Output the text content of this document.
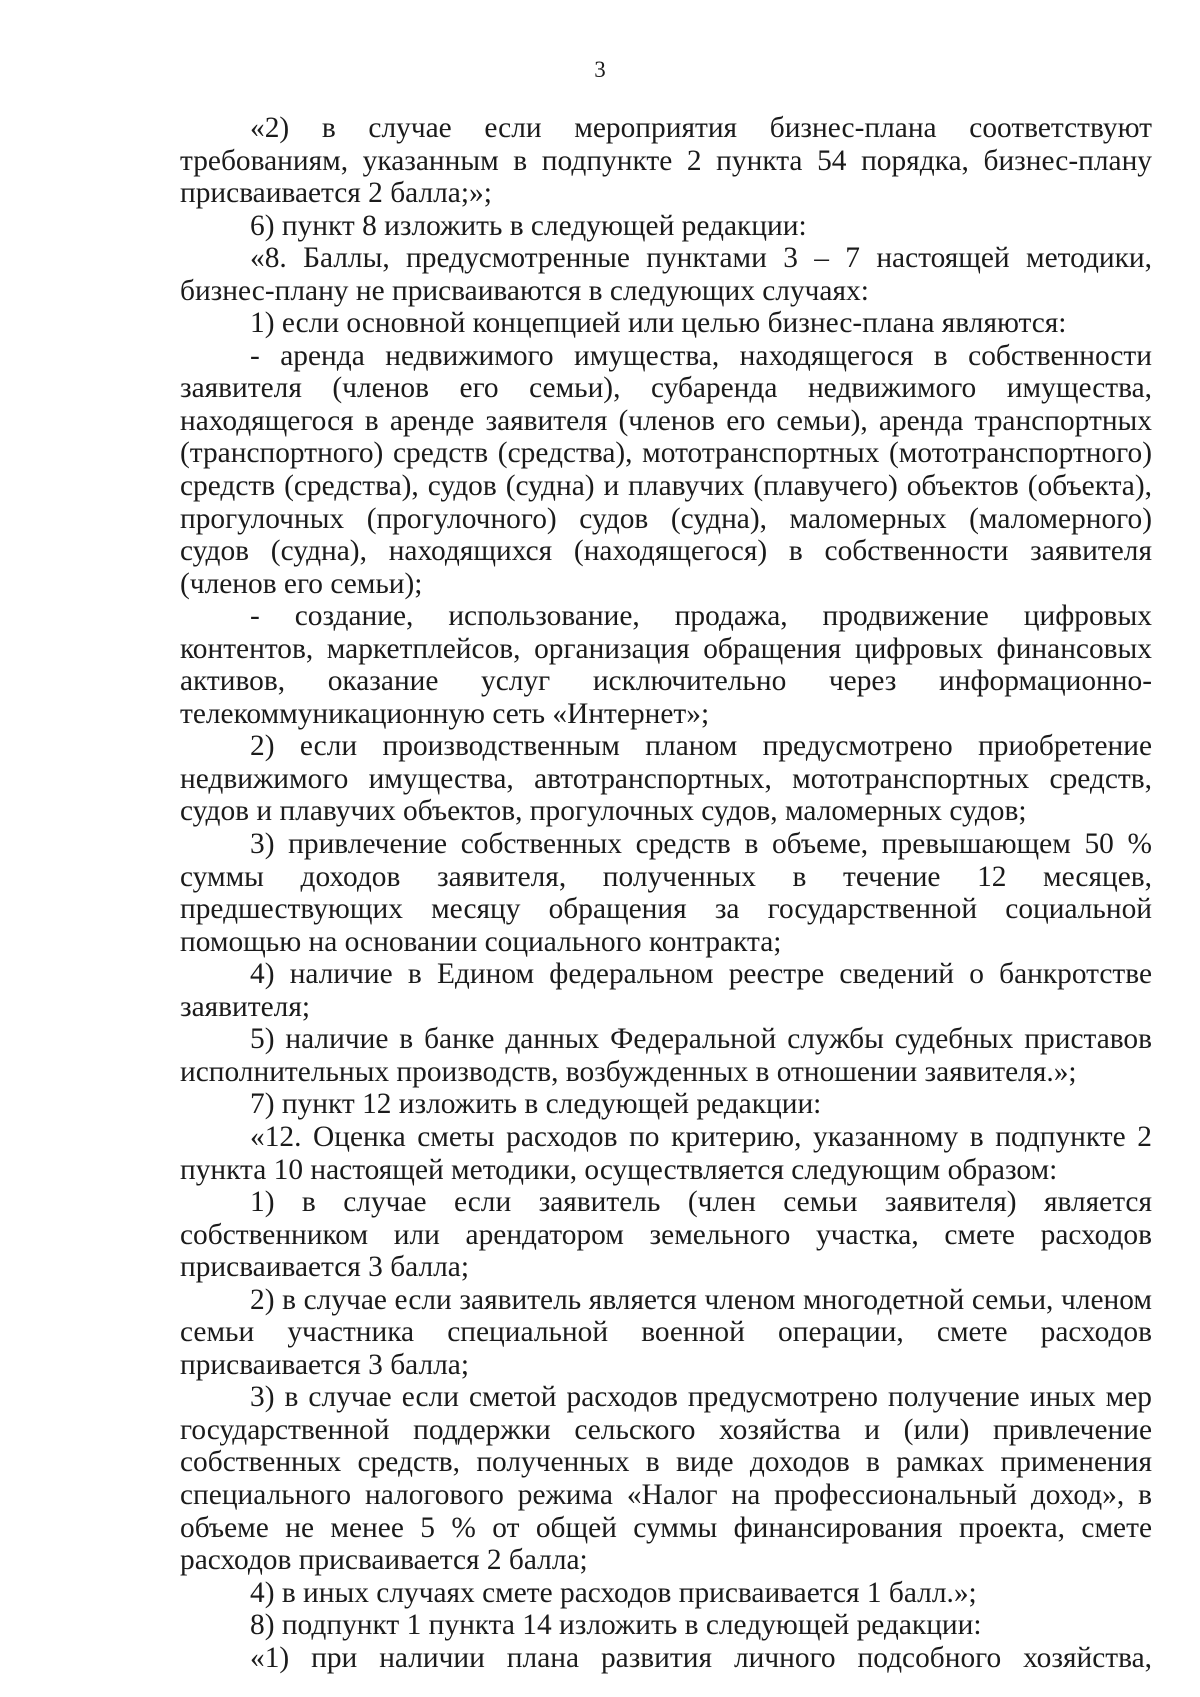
3

«2) в случае если мероприятия бизнес-плана соответствуют требованиям, указанным в подпункте 2 пункта 54 порядка, бизнес-плану присваивается 2 балла;»;

6) пункт 8 изложить в следующей редакции:

«8. Баллы, предусмотренные пунктами 3 – 7 настоящей методики, бизнес-плану не присваиваются в следующих случаях:

1) если основной концепцией или целью бизнес-плана являются:

- аренда недвижимого имущества, находящегося в собственности заявителя (членов его семьи), субаренда недвижимого имущества, находящегося в аренде заявителя (членов его семьи), аренда транспортных (транспортного) средств (средства), мототранспортных (мототранспортного) средств (средства), судов (судна) и плавучих (плавучего) объектов (объекта), прогулочных (прогулочного) судов (судна), маломерных (маломерного) судов (судна), находящихся (находящегося) в собственности заявителя (членов его семьи);

- создание, использование, продажа, продвижение цифровых контентов, маркетплейсов, организация обращения цифровых финансовых активов, оказание услуг исключительно через информационно-телекоммуникационную сеть «Интернет»;

2) если производственным планом предусмотрено приобретение недвижимого имущества, автотранспортных, мототранспортных средств, судов и плавучих объектов, прогулочных судов, маломерных судов;

3) привлечение собственных средств в объеме, превышающем 50 % суммы доходов заявителя, полученных в течение 12 месяцев, предшествующих месяцу обращения за государственной социальной помощью на основании социального контракта;

4) наличие в Едином федеральном реестре сведений о банкротстве заявителя;

5) наличие в банке данных Федеральной службы судебных приставов исполнительных производств, возбужденных в отношении заявителя.»;

7) пункт 12 изложить в следующей редакции:

«12. Оценка сметы расходов по критерию, указанному в подпункте 2 пункта 10 настоящей методики, осуществляется следующим образом:

1) в случае если заявитель (член семьи заявителя) является собственником или арендатором земельного участка, смете расходов присваивается 3 балла;

2) в случае если заявитель является членом многодетной семьи, членом семьи участника специальной военной операции, смете расходов присваивается 3 балла;

3) в случае если сметой расходов предусмотрено получение иных мер государственной поддержки сельского хозяйства и (или) привлечение собственных средств, полученных в виде доходов в рамках применения специального налогового режима «Налог на профессиональный доход», в объеме не менее 5 % от общей суммы финансирования проекта, смете расходов присваивается 2 балла;

4) в иных случаях смете расходов присваивается 1 балл.»;

8) подпункт 1 пункта 14 изложить в следующей редакции:

«1) при наличии плана развития личного подсобного хозяйства,
